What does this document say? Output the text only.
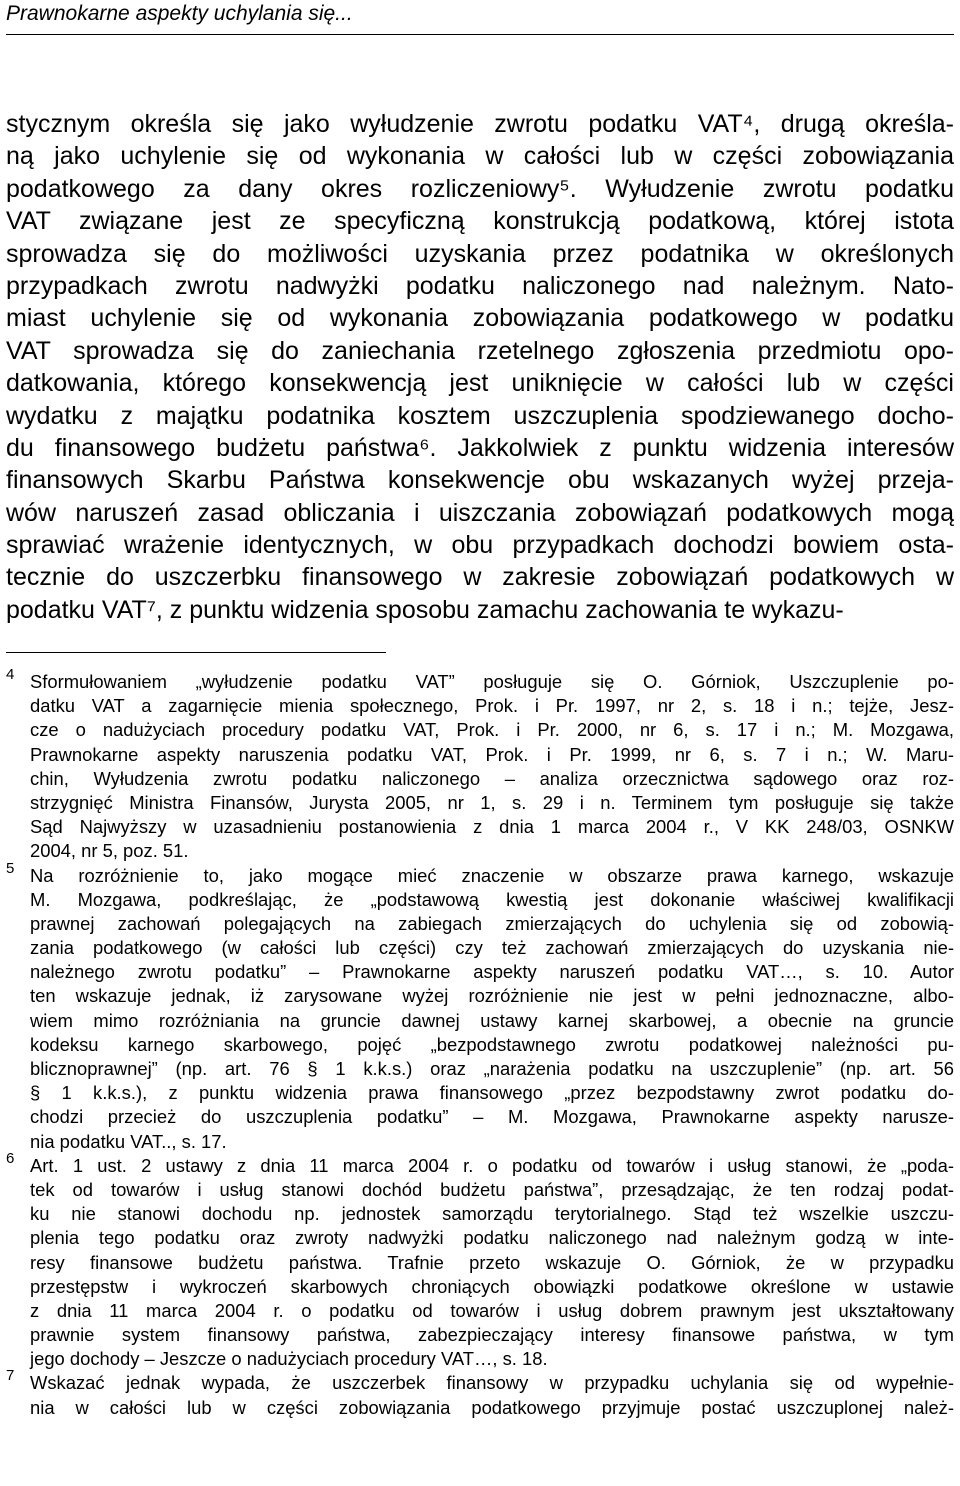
Prawnokarne aspekty uchylania się...
stycznym określa się jako wyłudzenie zwrotu podatku VAT⁴, drugą określa-
ną jako uchylenie się od wykonania w całości lub w części zobowiązania
podatkowego za dany okres rozliczeniowy⁵. Wyłudzenie zwrotu podatku
VAT związane jest ze specyficzną konstrukcją podatkową, której istota
sprowadza się do możliwości uzyskania przez podatnika w określonych
przypadkach zwrotu nadwyżki podatku naliczonego nad należnym. Nato-
miast uchylenie się od wykonania zobowiązania podatkowego w podatku
VAT sprowadza się do zaniechania rzetelnego zgłoszenia przedmiotu opo-
datkowania, którego konsekwencją jest uniknięcie w całości lub w części
wydatku z majątku podatnika kosztem uszczuplenia spodziewanego docho-
du finansowego budżetu państwa⁶. Jakkolwiek z punktu widzenia interesów
finansowych Skarbu Państwa konsekwencje obu wskazanych wyżej przeja-
wów naruszeń zasad obliczania i uiszczania zobowiązań podatkowych mogą
sprawiać wrażenie identycznych, w obu przypadkach dochodzi bowiem osta-
tecznie do uszczerbku finansowego w zakresie zobowiązań podatkowych w
podatku VAT⁷, z punktu widzenia sposobu zamachu zachowania te wykazu-
4 Sformułowaniem „wyłudzenie podatku VAT” posługuje się O. Górniok, Uszczuplenie po-
datku VAT a zagarnięcie mienia społecznego, Prok. i Pr. 1997, nr 2, s. 18 i n.; tejże, Jesz-
cze o nadużyciach procedury podatku VAT, Prok. i Pr. 2000, nr 6, s. 17 i n.; M. Mozgawa,
Prawnokarne aspekty naruszenia podatku VAT, Prok. i Pr. 1999, nr 6, s. 7 i n.; W. Maru-
chin, Wyłudzenia zwrotu podatku naliczonego – analiza orzecznictwa sądowego oraz roz-
strzygnięć Ministra Finansów, Jurysta 2005, nr 1, s. 29 i n. Terminem tym posługuje się także
Sąd Najwyższy w uzasadnieniu postanowienia z dnia 1 marca 2004 r., V KK 248/03, OSNKW
2004, nr 5, poz. 51.
5 Na rozróżnienie to, jako mogące mieć znaczenie w obszarze prawa karnego, wskazuje
M. Mozgawa, podkreślając, że „podstawową kwestią jest dokonanie właściwej kwalifikacji
prawnej zachowań polegających na zabiegach zmierzających do uchylenia się od zobowią-
zania podatkowego (w całości lub części) czy też zachowań zmierzających do uzyskania nie-
należnego zwrotu podatku” – Prawnokarne aspekty naruszeń podatku VAT…, s. 10. Autor
ten wskazuje jednak, iż zarysowane wyżej rozróżnienie nie jest w pełni jednoznaczne, albo-
wiem mimo rozróżniania na gruncie dawnej ustawy karnej skarbowej, a obecnie na gruncie
kodeksu karnego skarbowego, pojęć „bezpodstawnego zwrotu podatkowej należności pu-
blicznoprawnej” (np. art. 76 § 1 k.k.s.) oraz „narażenia podatku na uszczuplenie” (np. art. 56
§ 1 k.k.s.), z punktu widzenia prawa finansowego „przez bezpodstawny zwrot podatku do-
chodzi przecież do uszczuplenia podatku” – M. Mozgawa, Prawnokarne aspekty narusze-
nia podatku VAT.., s. 17.
6 Art. 1 ust. 2 ustawy z dnia 11 marca 2004 r. o podatku od towarów i usług stanowi, że „poda-
tek od towarów i usług stanowi dochód budżetu państwa”, przesądzając, że ten rodzaj podat-
ku nie stanowi dochodu np. jednostek samorządu terytorialnego. Stąd też wszelkie uszczu-
plenia tego podatku oraz zwroty nadwyżki podatku naliczonego nad należnym godzą w inte-
resy finansowe budżetu państwa. Trafnie przeto wskazuje O. Górniok, że w przypadku
przestępstw i wykroczeń skarbowych chroniących obowiązki podatkowe określone w ustawie
z dnia 11 marca 2004 r. o podatku od towarów i usług dobrem prawnym jest ukształtowany
prawnie system finansowy państwa, zabezpieczający interesy finansowe państwa, w tym
jego dochody – Jeszcze o nadużyciach procedury VAT…, s. 18.
7 Wskazać jednak wypada, że uszczerbek finansowy w przypadku uchylania się od wypełnie-
nia w całości lub w części zobowiązania podatkowego przyjmuje postać uszczuplonej należ-
